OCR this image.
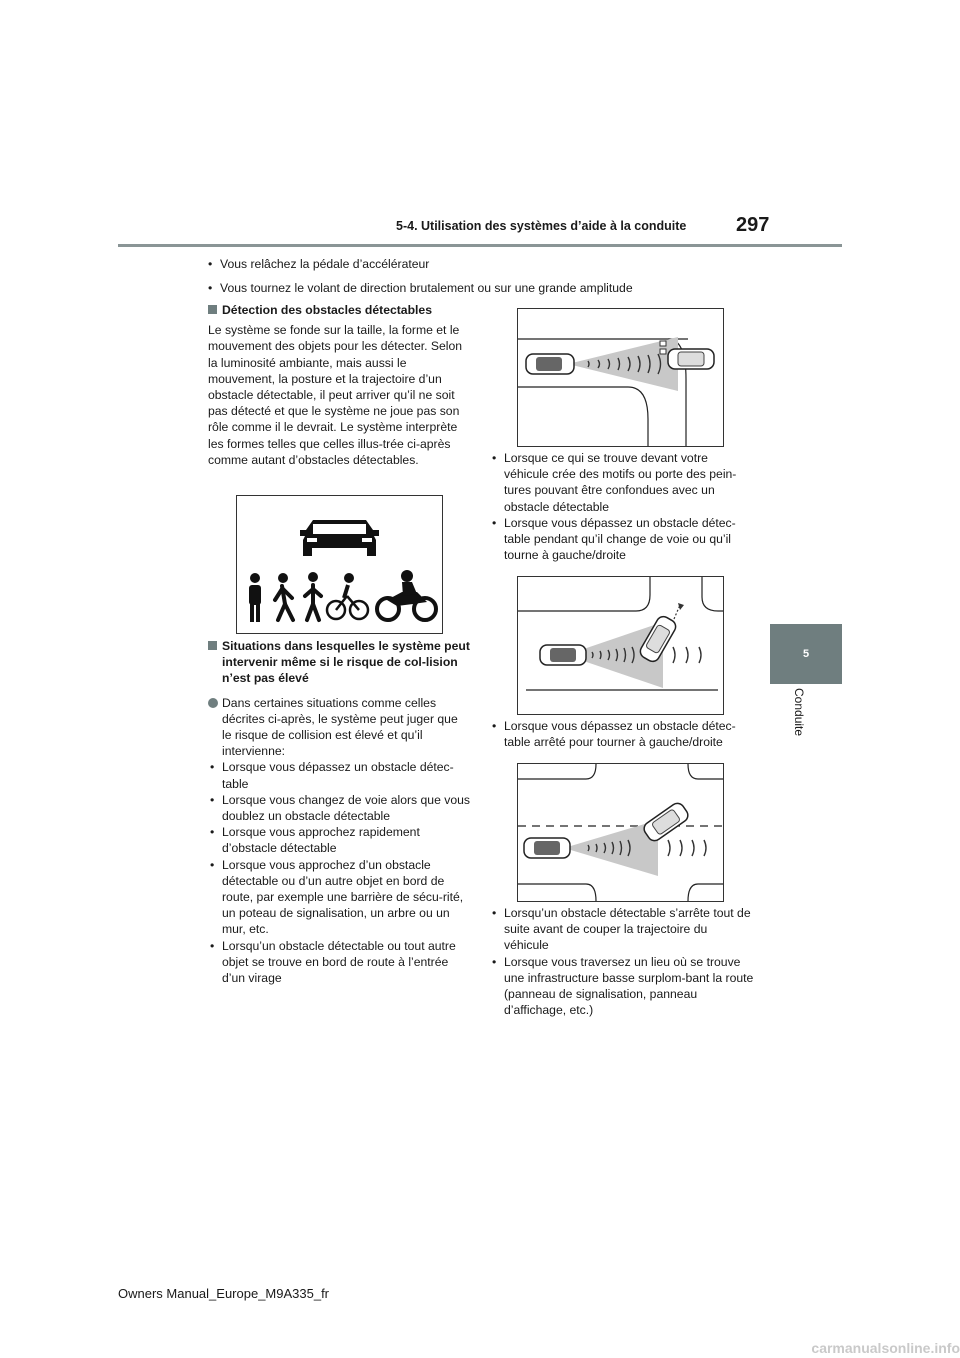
5-4. Utilisation des systèmes d’aide à la conduite 297
5
Conduite

• Vous relâchez la pédale d’accélérateur

• Vous tournez le volant de direction brutalement ou sur une grande amplitude

Détection des obstacles détectables

Le système se fonde sur la taille, la forme et le mouvement des objets pour les détecter. Selon la luminosité ambiante, mais aussi le mouvement, la posture et la trajectoire d’un obstacle détectable, il peut arriver qu’il ne soit pas détecté et que le système ne joue pas son rôle comme il le devrait. Le système interprète les formes telles que celles illus-trée ci-après comme autant d’obstacles détectables.

Situations dans lesquelles le système peut intervenir même si le risque de col-lision n’est pas élevé

Dans certaines situations comme celles décrites ci-après, le système peut juger que le risque de collision est élevé et qu’il intervienne:

• Lorsque vous dépassez un obstacle détec-table

• Lorsque vous changez de voie alors que vous doublez un obstacle détectable

• Lorsque vous approchez rapidement d’obstacle détectable

• Lorsque vous approchez d’un obstacle détectable ou d’un autre objet en bord de route, par exemple une barrière de sécu-rité, un poteau de signalisation, un arbre ou un mur, etc.

• Lorsqu’un obstacle détectable ou tout autre objet se trouve en bord de route à l’entrée d’un virage

• Lorsque ce qui se trouve devant votre véhicule crée des motifs ou porte des pein-tures pouvant être confondues avec un obstacle détectable

• Lorsque vous dépassez un obstacle détec-table pendant qu’il change de voie ou qu’il tourne à gauche/droite

• Lorsque vous dépassez un obstacle détec-table arrêté pour tourner à gauche/droite

• Lorsqu’un obstacle détectable s’arrête tout de suite avant de couper la trajectoire du véhicule

• Lorsque vous traversez un lieu où se trouve une infrastructure basse surplom-bant la route (panneau de signalisation, panneau d’affichage, etc.)

Owners Manual_Europe_M9A335_fr
carmanualsonline.info
